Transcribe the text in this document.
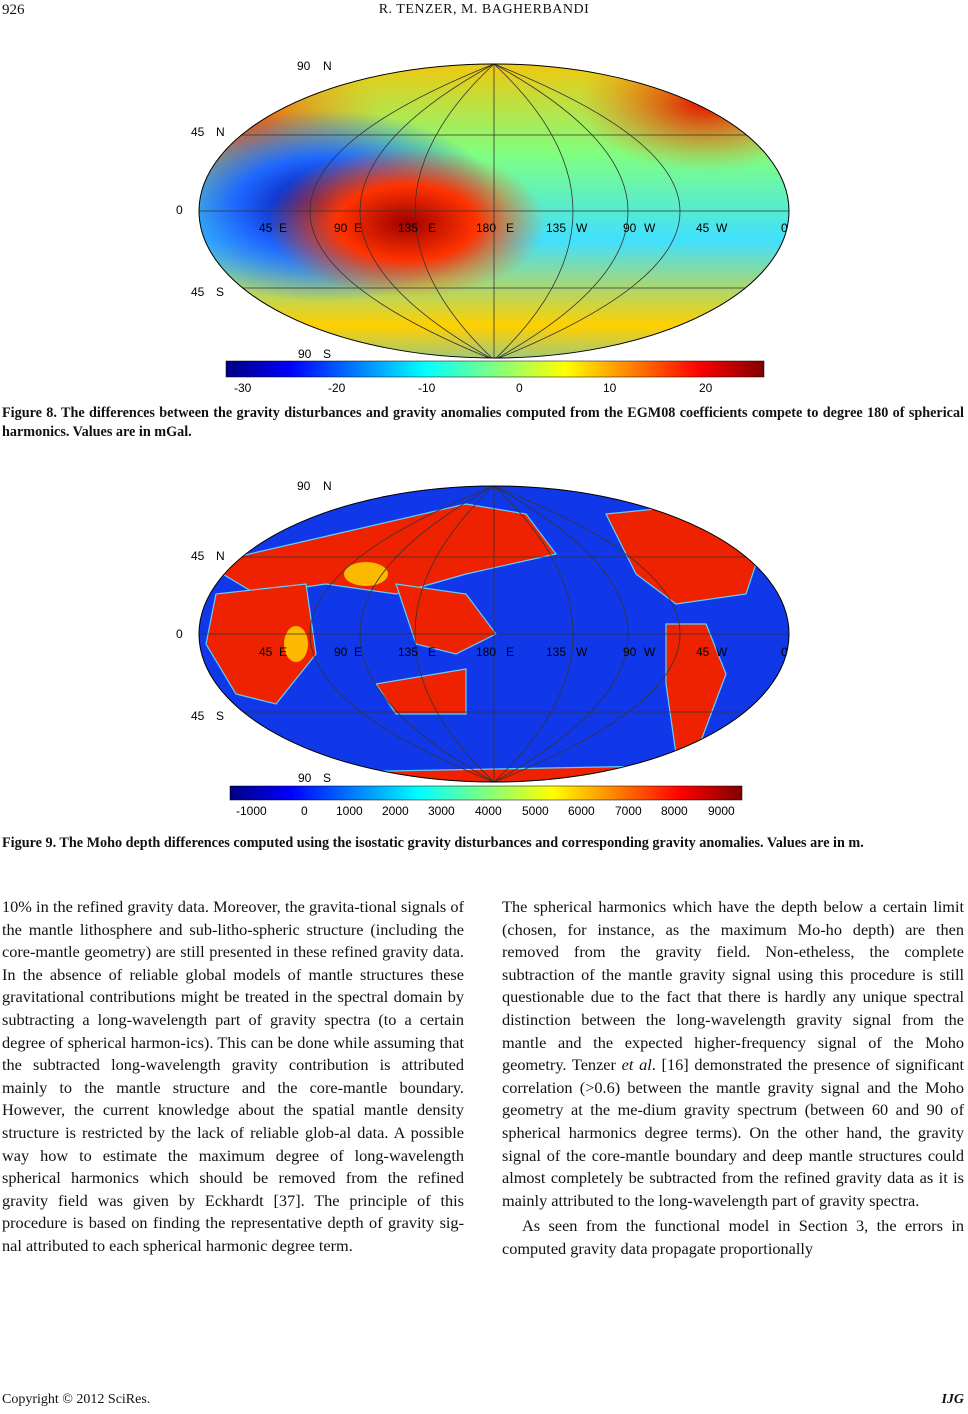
926	R. TENZER, M. BAGHERBANDI
90 N
45 N
0
45 S
90 S
45 E	90 E	135 E	180 E	135 W	90 W	45 W	0
-30	-20	-10	0	10	20
Figure 8. The differences between the gravity disturbances and gravity anomalies computed from the EGM08 coefficients compete to degree 180 of spherical harmonics. Values are in mGal.
90 N
45 N
0
45 S
90 S
45 E	90 E	135 E	180 E	135 W	90 W	45 W	0
-1000	0 1000 2000 3000 4000 5000 6000 7000 8000 9000
Figure 9. The Moho depth differences computed using the isostatic gravity disturbances and corresponding gravity anomalies. Values are in m.

10% in the refined gravity data. Moreover, the gravita-tional signals of the mantle lithosphere and sub-litho-spheric structure (including the core-mantle geometry) are still presented in these refined gravity data. In the absence of reliable global models of mantle structures these gravitational contributions might be treated in the spectral domain by subtracting a long-wavelength part of gravity spectra (to a certain degree of spherical harmon-ics). This can be done while assuming that the subtracted long-wavelength gravity contribution is attributed mainly to the mantle structure and the core-mantle boundary. However, the current knowledge about the spatial mantle density structure is restricted by the lack of reliable glob-al data. A possible way how to estimate the maximum degree of long-wavelength spherical harmonics which should be removed from the refined gravity field was given by Eckhardt [37]. The principle of this procedure is based on finding the representative depth of gravity sig-nal attributed to each spherical harmonic degree term.

The spherical harmonics which have the depth below a certain limit (chosen, for instance, as the maximum Mo-ho depth) are then removed from the gravity field. Non-etheless, the complete subtraction of the mantle gravity signal using this procedure is still questionable due to the fact that there is hardly any unique spectral distinction between the long-wavelength gravity signal from the mantle and the expected higher-frequency signal of the Moho geometry. Tenzer et al. [16] demonstrated the presence of significant correlation (>0.6) between the mantle gravity signal and the Moho geometry at the me-dium gravity spectrum (between 60 and 90 of spherical harmonics degree terms). On the other hand, the gravity signal of the core-mantle boundary and deep mantle structures could almost completely be subtracted from the refined gravity data as it is mainly attributed to the long-wavelength part of gravity spectra.

As seen from the functional model in Section 3, the errors in computed gravity data propagate proportionally

Copyright © 2012 SciRes.	IJG
